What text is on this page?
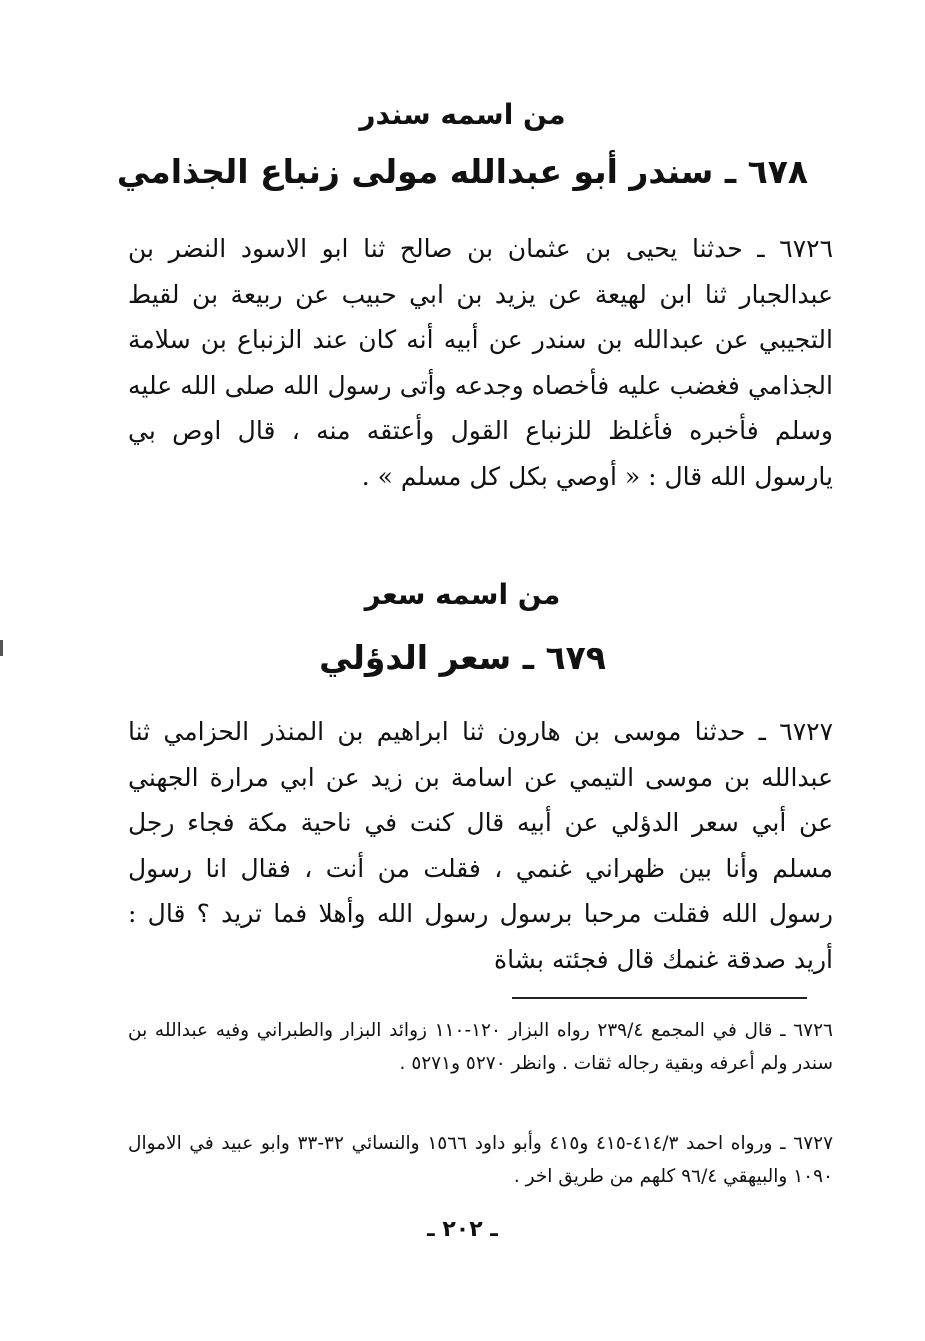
من اسمه سندر
٦٧٨ ـ سندر أبو عبدالله مولى زنباع الجذامي
٦٧٢٦ ـ حدثنا يحيى بن عثمان بن صالح ثنا ابو الاسود النضر بن عبدالجبار ثنا ابن لهيعة عن يزيد بن ابي حبيب عن ربيعة بن لقيط التجيبي عن عبدالله بن سندر عن أبيه أنه كان عند الزنباع بن سلامة الجذامي فغضب عليه فأخصاه وجدعه وأتى رسول الله صلى الله عليه وسلم فأخبره فأغلظ للزنباع القول وأعتقه منه ، قال اوص بي يارسول الله قال : « أوصي بكل كل مسلم » .
من اسمه سعر
٦٧٩ ـ سعر الدؤلي
٦٧٢٧ ـ حدثنا موسى بن هارون ثنا ابراهيم بن المنذر الحزامي ثنا عبدالله بن موسى التيمي عن اسامة بن زيد عن ابي مرارة الجهني عن أبي سعر الدؤلي عن أبيه قال كنت في ناحية مكة فجاء رجل مسلم وأنا بين ظهراني غنمي ، فقلت من أنت ، فقال انا رسول رسول الله فقلت مرحبا برسول رسول الله وأهلا فما تريد ؟ قال : أريد صدقة غنمك قال فجئته بشاة
٦٧٢٦ ـ قال في المجمع ٢٣٩/٤ رواه البزار ١٢٠-١١٠ زوائد البزار والطبراني وفيه عبدالله بن سندر ولم أعرفه وبقية رجاله ثقات . وانظر ٥٢٧٠ و٥٢٧١ .
٦٧٢٧ ـ ورواه احمد ٤١٤/٣-٤١٥ و٤١٥ وأبو داود ١٥٦٦ والنسائي ٣٢-٣٣ وابو عبيد في الاموال ١٠٩٠ والبيهقي ٩٦/٤ كلهم من طريق اخر .
ـ ٢٠٢ ـ
